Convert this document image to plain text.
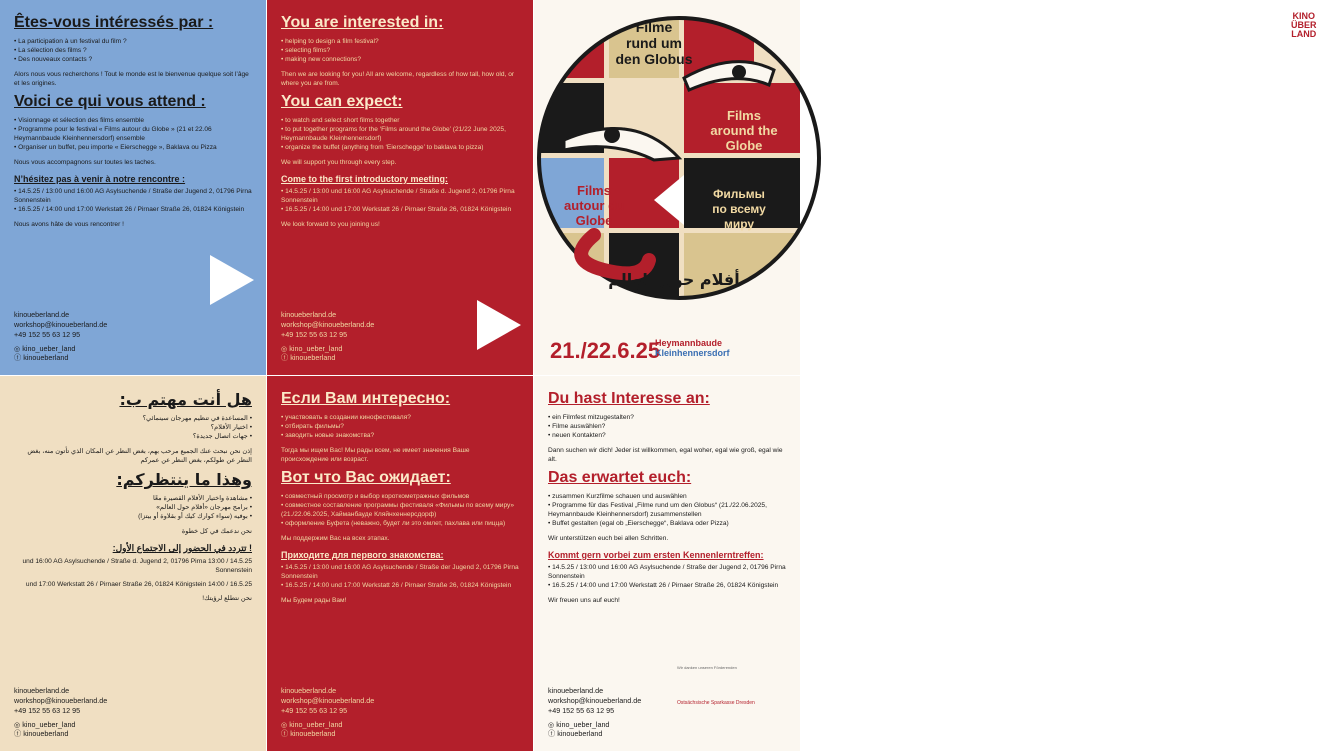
Êtes-vous intéressés par :
• La participation à un festival du film ?
• La sélection des films ?
• Des nouveaux contacts ?

Alors nous vous recherchons ! Tout le monde est le bienvenue quelque soit l’âge et les origines.

Voici ce qui vous attend :
• Visionnage et sélection des films ensemble
• Programme pour le festival « Films autour du Globe » (21 et 22.06 Heymannbaude Kleinhennersdorf) ensemble
• Organiser un buffet, peu importe « Eierschegge », Baklava ou Pizza

Nous vous accompagnons sur toutes les taches.

N’hésitez pas à venir à notre rencontre :
• 14.5.25 / 13:00 und 16:00 AG Asylsuchende / Straße der Jugend 2, 01796 Pirna Sonnenstein
• 16.5.25 / 14:00 und 17:00 Werkstatt 26 / Pirnaer Straße 26, 01824 Königstein

Nous avons hâte de vous rencontrer !

kinoueberland.de
workshop@kinoueberland.de
+49 152 55 63 12 95
◎ kino_ueber_land
ⓕ kinoueberland
You are interested in:
• helping to design a film festival?
• selecting films?
• making new connections?

Then we are looking for you! All are welcome, regardless of how tall, how old, or where you are from.

You can expect:
• to watch and select short films together
• to put together programs for the ‘Films around the Globe’ (21/22 June 2025, Heymannbaude Kleinhennersdorf)
• organize the buffet (anything from ‘Eierschegge’ to baklava to pizza)

We will support you through every step.

Come to the first introductory meeting:
• 14.5.25 / 13:00 und 16:00 AG Asylsuchende / Straße d. Jugend 2, 01796 Pirna Sonnenstein
• 16.5.25 / 14:00 und 17:00 Werkstatt 26 / Pirnaer Straße 26, 01824 Königstein

We look forward to you joining us!

kinoueberland.de
workshop@kinoueberland.de
+49 152 55 63 12 95
◎ kino_ueber_land
ⓕ kinoueberland
Filme
rund um
den Globus
Films
around the
Globe
Films
autour du
Globe
Фильмы
по всему
миру
أفلام حول العالم
KINO
ÜBER
LAND
21./22.6.25
Heymannbaude
Kleinhennersdorf
هل أنت مهتم ب:
• المساعدة في تنظيم مهرجان سينمائي؟
• اختيار الأفلام؟
• جهات اتصال جديدة؟

إذن نحن نبحث عنك الجميع مرحب بهم، بغض النظر عن المكان الذي تأتون منه، بغض النظر عن طولكم، بغض النظر عن عمركم

وهذا ما ينتظركم:
• مشاهدة واختيار الأفلام القصيرة معًا
• برامج مهرجان «أفلام حول العالم»
• بوفيه (سواء كوارك كيك أو بقلاوة أو بيتزا)

نحن ندعمك في كل خطوة

! تتردد في الحضور إلى الاجتماع الأول:

14.5.25 / 13:00 und 16:00 AG Asylsuchende / Straße d. Jugend 2, 01796 Pirna Sonnenstein

16.5.25 / 14:00 und 17:00 Werkstatt 26 / Pirnaer Straße 26, 01824 Königstein

نحن نتطلع لرؤيتك!

kinoueberland.de
workshop@kinoueberland.de
+49 152 55 63 12 95
◎ kino_ueber_land
ⓕ kinoueberland
Если Вам интересно:
• участвовать в создании кинофестиваля?
• отбирать фильмы?
• заводить новые знакомства?

Тогда мы ищем Вас! Мы рады всем, не имеет значения Ваше происхождение или возраст.

Вот что Вас ожидает:
• совместный просмотр и выбор короткометражных фильмов
• совместное составление программы фестиваля «Фильмы по всему миру» (21./22.06.2025, Хайманбауде Кляйнхеннерсдорф)
• оформление Буфета (неважно, будет ли это омлет, пахлава или пицца)

Мы поддержим Вас на всех этапах.

Приходите для первого знакомства:
• 14.5.25 / 13:00 und 16:00 AG Asylsuchende / Straße der Jugend 2, 01796 Pirna Sonnenstein
• 16.5.25 / 14:00 und 17:00 Werkstatt 26 / Pirnaer Straße 26, 01824 Königstein

Мы Будем рады Вам!

kinoueberland.de
workshop@kinoueberland.de
+49 152 55 63 12 95
◎ kino_ueber_land
ⓕ kinoueberland
Du hast Interesse an:
• ein Filmfest mitzugestalten?
• Filme auswählen?
• neuen Kontakten?

Dann suchen wir dich! Jeder ist willkommen, egal woher, egal wie groß, egal wie alt.

Das erwartet euch:
• zusammen Kurzfilme schauen und auswählen
• Programme für das Festival „Filme rund um den Globus“ (21./22.06.2025, Heymannbaude Kleinhennersdorf) zusammenstellen
• Buffet gestalten (egal ob „Eierschegge“, Baklava oder Pizza)

Wir unterstützen euch bei allen Schritten.

Kommt gern vorbei zum ersten Kennenlerntreffen:
• 14.5.25 / 13:00 und 16:00 AG Asylsuchende / Straße der Jugend 2, 01796 Pirna Sonnenstein
• 16.5.25 / 14:00 und 17:00 Werkstatt 26 / Pirnaer Straße 26, 01824 Königstein

Wir freuen uns auf euch!

kinoueberland.de
workshop@kinoueberland.de
+49 152 55 63 12 95
◎ kino_ueber_land
ⓕ kinoueberland
Wir danken unseren Förderenden
Ostsächsische Sparkasse Dresden
